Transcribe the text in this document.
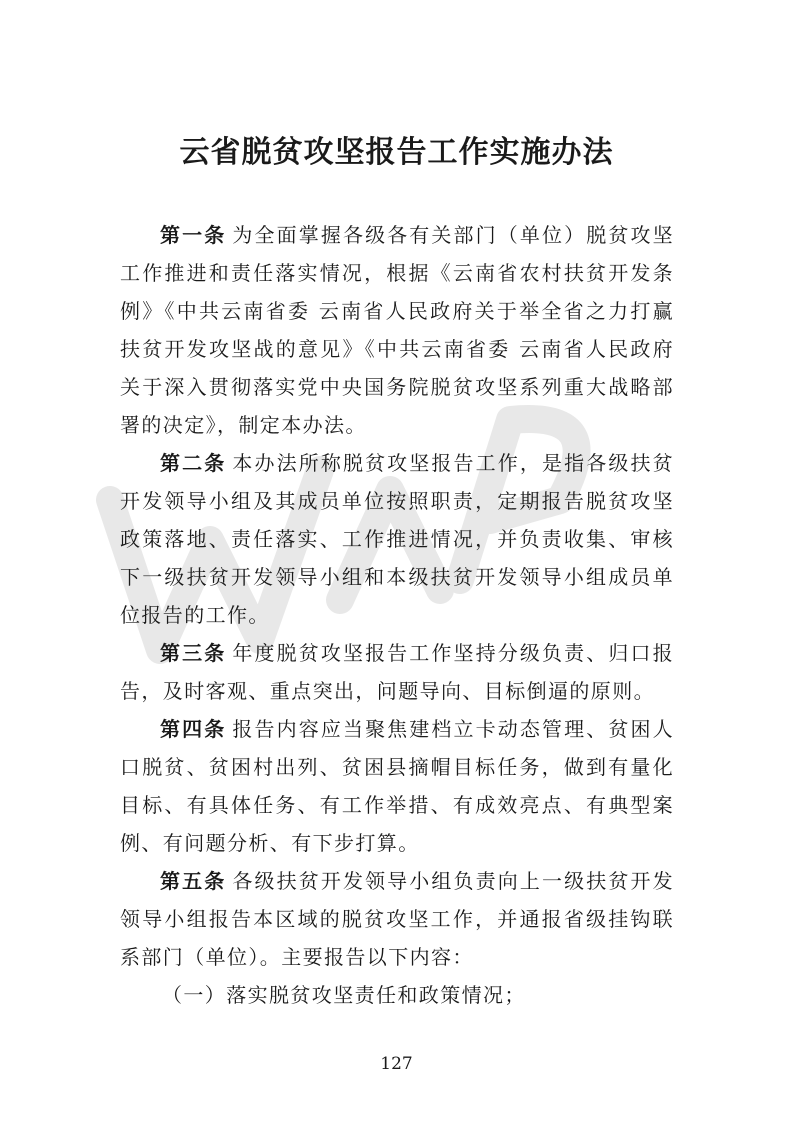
云省脱贫攻坚报告工作实施办法

第一条 为全面掌握各级各有关部门（单位）脱贫攻坚工作推进和责任落实情况，根据《云南省农村扶贫开发条例》《中共云南省委 云南省人民政府关于举全省之力打赢扶贫开发攻坚战的意见》《中共云南省委 云南省人民政府关于深入贯彻落实党中央国务院脱贫攻坚系列重大战略部署的决定》，制定本办法。

第二条 本办法所称脱贫攻坚报告工作，是指各级扶贫开发领导小组及其成员单位按照职责，定期报告脱贫攻坚政策落地、责任落实、工作推进情况，并负责收集、审核下一级扶贫开发领导小组和本级扶贫开发领导小组成员单位报告的工作。

第三条 年度脱贫攻坚报告工作坚持分级负责、归口报告，及时客观、重点突出，问题导向、目标倒逼的原则。

第四条 报告内容应当聚焦建档立卡动态管理、贫困人口脱贫、贫困村出列、贫困县摘帽目标任务，做到有量化目标、有具体任务、有工作举措、有成效亮点、有典型案例、有问题分析、有下步打算。

第五条 各级扶贫开发领导小组负责向上一级扶贫开发领导小组报告本区域的脱贫攻坚工作，并通报省级挂钩联系部门（单位）。主要报告以下内容：

（一）落实脱贫攻坚责任和政策情况；

127
